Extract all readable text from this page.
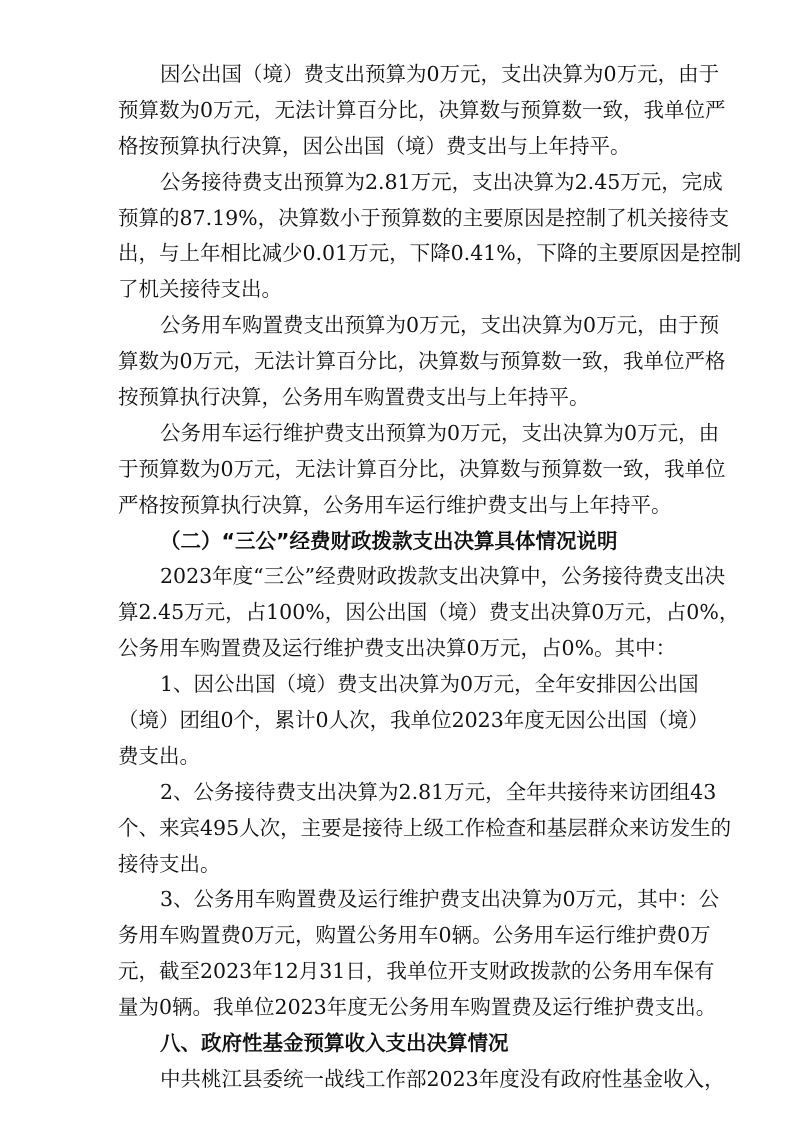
因公出国（境）费支出预算为0万元，支出决算为0万元，由于
预算数为0万元，无法计算百分比，决算数与预算数一致，我单位严
格按预算执行决算，因公出国（境）费支出与上年持平。
公务接待费支出预算为2.81万元，支出决算为2.45万元，完成
预算的87.19%，决算数小于预算数的主要原因是控制了机关接待支
出，与上年相比减少0.01万元，下降0.41%，下降的主要原因是控制
了机关接待支出。
公务用车购置费支出预算为0万元，支出决算为0万元，由于预
算数为0万元，无法计算百分比，决算数与预算数一致，我单位严格
按预算执行决算，公务用车购置费支出与上年持平。
公务用车运行维护费支出预算为0万元，支出决算为0万元，由
于预算数为0万元，无法计算百分比，决算数与预算数一致，我单位
严格按预算执行决算，公务用车运行维护费支出与上年持平。
（二）“三公”经费财政拨款支出决算具体情况说明
2023年度“三公”经费财政拨款支出决算中，公务接待费支出决
算2.45万元，占100%，因公出国（境）费支出决算0万元，占0%，
公务用车购置费及运行维护费支出决算0万元，占0%。其中：
1、因公出国（境）费支出决算为0万元，全年安排因公出国
（境）团组0个，累计0人次，我单位2023年度无因公出国（境）
费支出。
2、公务接待费支出决算为2.81万元，全年共接待来访团组43
个、来宾495人次，主要是接待上级工作检查和基层群众来访发生的
接待支出。
3、公务用车购置费及运行维护费支出决算为0万元，其中：公
务用车购置费0万元，购置公务用车0辆。公务用车运行维护费0万
元，截至2023年12月31日，我单位开支财政拨款的公务用车保有
量为0辆。我单位2023年度无公务用车购置费及运行维护费支出。
八、政府性基金预算收入支出决算情况
中共桃江县委统一战线工作部2023年度没有政府性基金收入，
